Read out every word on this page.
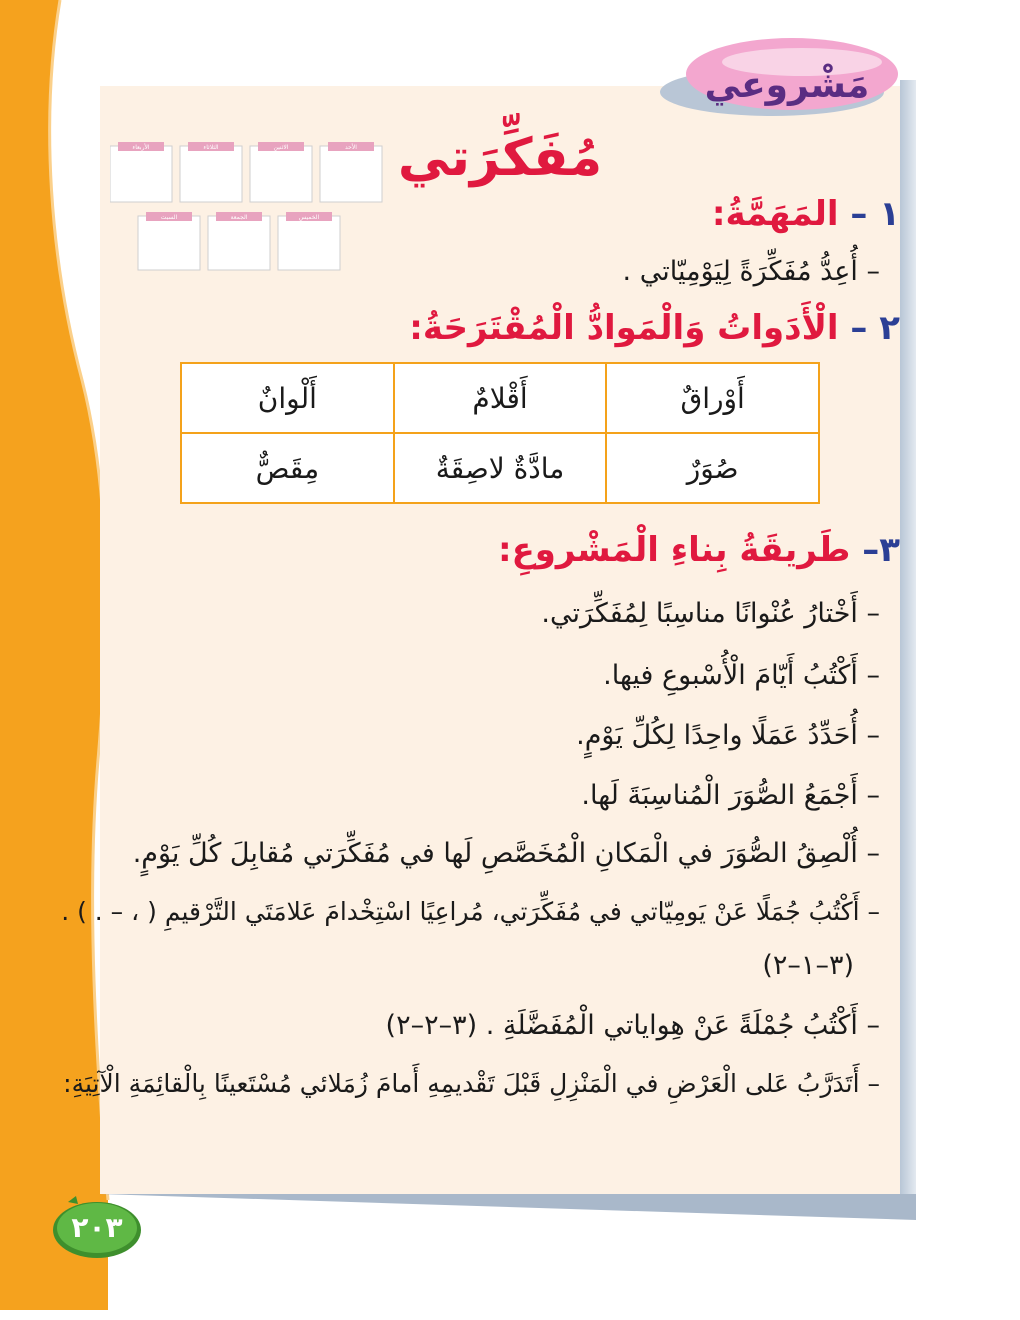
مَشْروعي
مُفَكِّرَتي
الأربعاء	الثلاثاء	الاثنين	الأحد
السبت	الجمعة	الخميس	١ – المَهَمَّةُ:
– أُعِدُّ مُفَكِّرَةً لِيَوْمِيّاتي .
٢ – الْأَدَواتُ وَالْمَوادُّ الْمُقْتَرَحَةُ:
أَوْراقٌ	أَقْلامٌ	أَلْوانٌ
صُوَرٌ	مادَّةٌ لاصِقَةٌ	مِقَصٌّ
٣– طَريقَةُ بِناءِ الْمَشْروعِ:
– أَخْتارُ عُنْوانًا مناسِبًا لِمُفَكِّرَتي.
– أَكْتُبُ أَيّامَ الْأُسْبوعِ فيها.
– أُحَدِّدُ عَمَلًا واحِدًا لِكُلِّ يَوْمٍ.
– أَجْمَعُ الصُّوَرَ الْمُناسِبَةَ لَها.
– أُلْصِقُ الصُّوَرَ في الْمَكانِ الْمُخَصَّصِ لَها في مُفَكِّرَتي مُقابِلَ كُلِّ يَوْمٍ.
– أَكْتُبُ جُمَلًا عَنْ يَومِيّاتي في مُفَكِّرَتي، مُراعِيًا اسْتِخْدامَ عَلامَتَي التَّرْقيمِ ( ، – . ) .
(٣–١–٢)
– أَكْتُبُ جُمْلَةً عَنْ هِواياتي الْمُفَضَّلَةِ . (٣–٢–٢)
– أَتَدَرَّبُ عَلى الْعَرْضِ في الْمَنْزِلِ قَبْلَ تَقْديمِهِ أَمامَ زُمَلائي مُسْتَعينًا بِالْقائِمَةِ الْآتِيَةِ:
٢٠٣
